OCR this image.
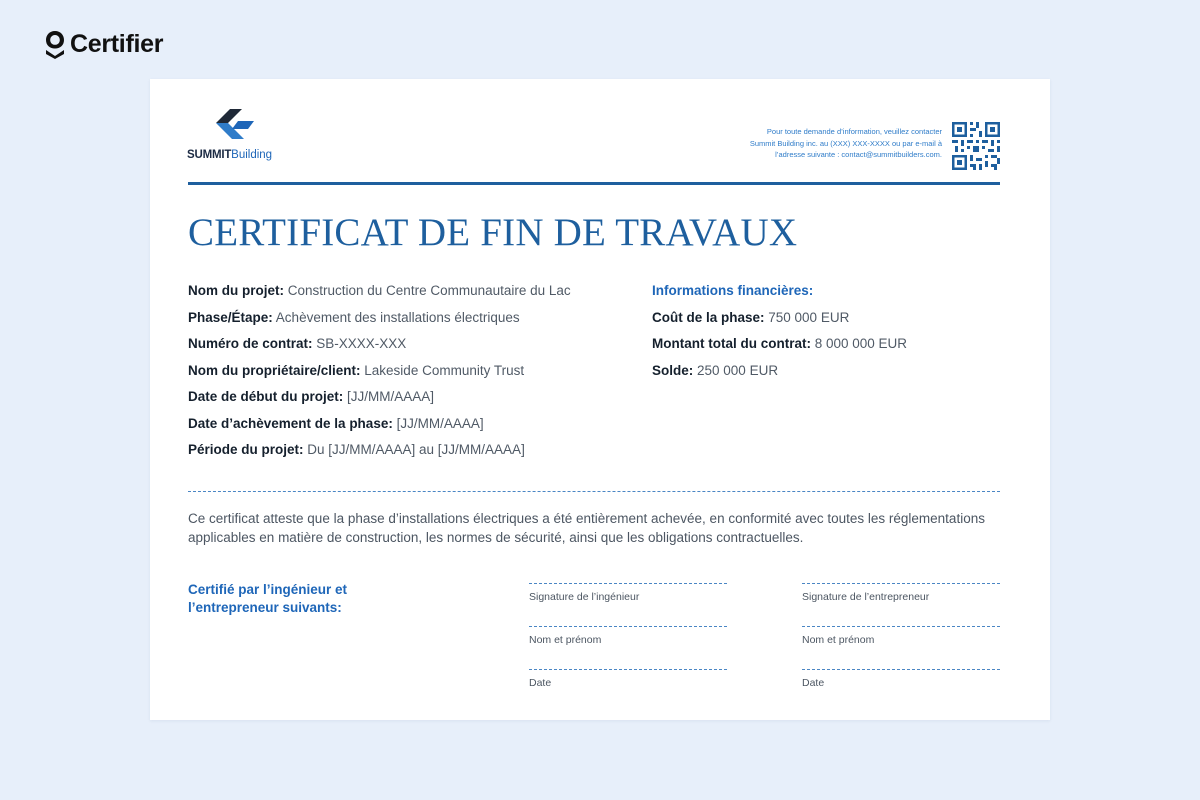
Certifier
SUMMITBuilding
Pour toute demande d’information, veuillez contacter Summit Building inc. au (XXX) XXX-XXXX ou par e-mail à l’adresse suivante : contact@summitbuilders.com.
CERTIFICAT DE FIN DE TRAVAUX
Nom du projet: Construction du Centre Communautaire du Lac
Phase/Étape: Achèvement des installations électriques
Numéro de contrat: SB-XXXX-XXX
Nom du propriétaire/client: Lakeside Community Trust
Date de début du projet: [JJ/MM/AAAA]
Date d’achèvement de la phase: [JJ/MM/AAAA]
Période du projet: Du [JJ/MM/AAAA] au [JJ/MM/AAAA]
Informations financières:
Coût de la phase: 750 000 EUR
Montant total du contrat: 8 000 000 EUR
Solde: 250 000 EUR
Ce certificat atteste que la phase d’installations électriques a été entièrement achevée, en conformité avec toutes les réglementations applicables en matière de construction, les normes de sécurité, ainsi que les obligations contractuelles.
Certifié par l’ingénieur et l’entrepreneur suivants:
Signature de l’ingénieur
Nom et prénom
Date
Signature de l’entrepreneur
Nom et prénom
Date
